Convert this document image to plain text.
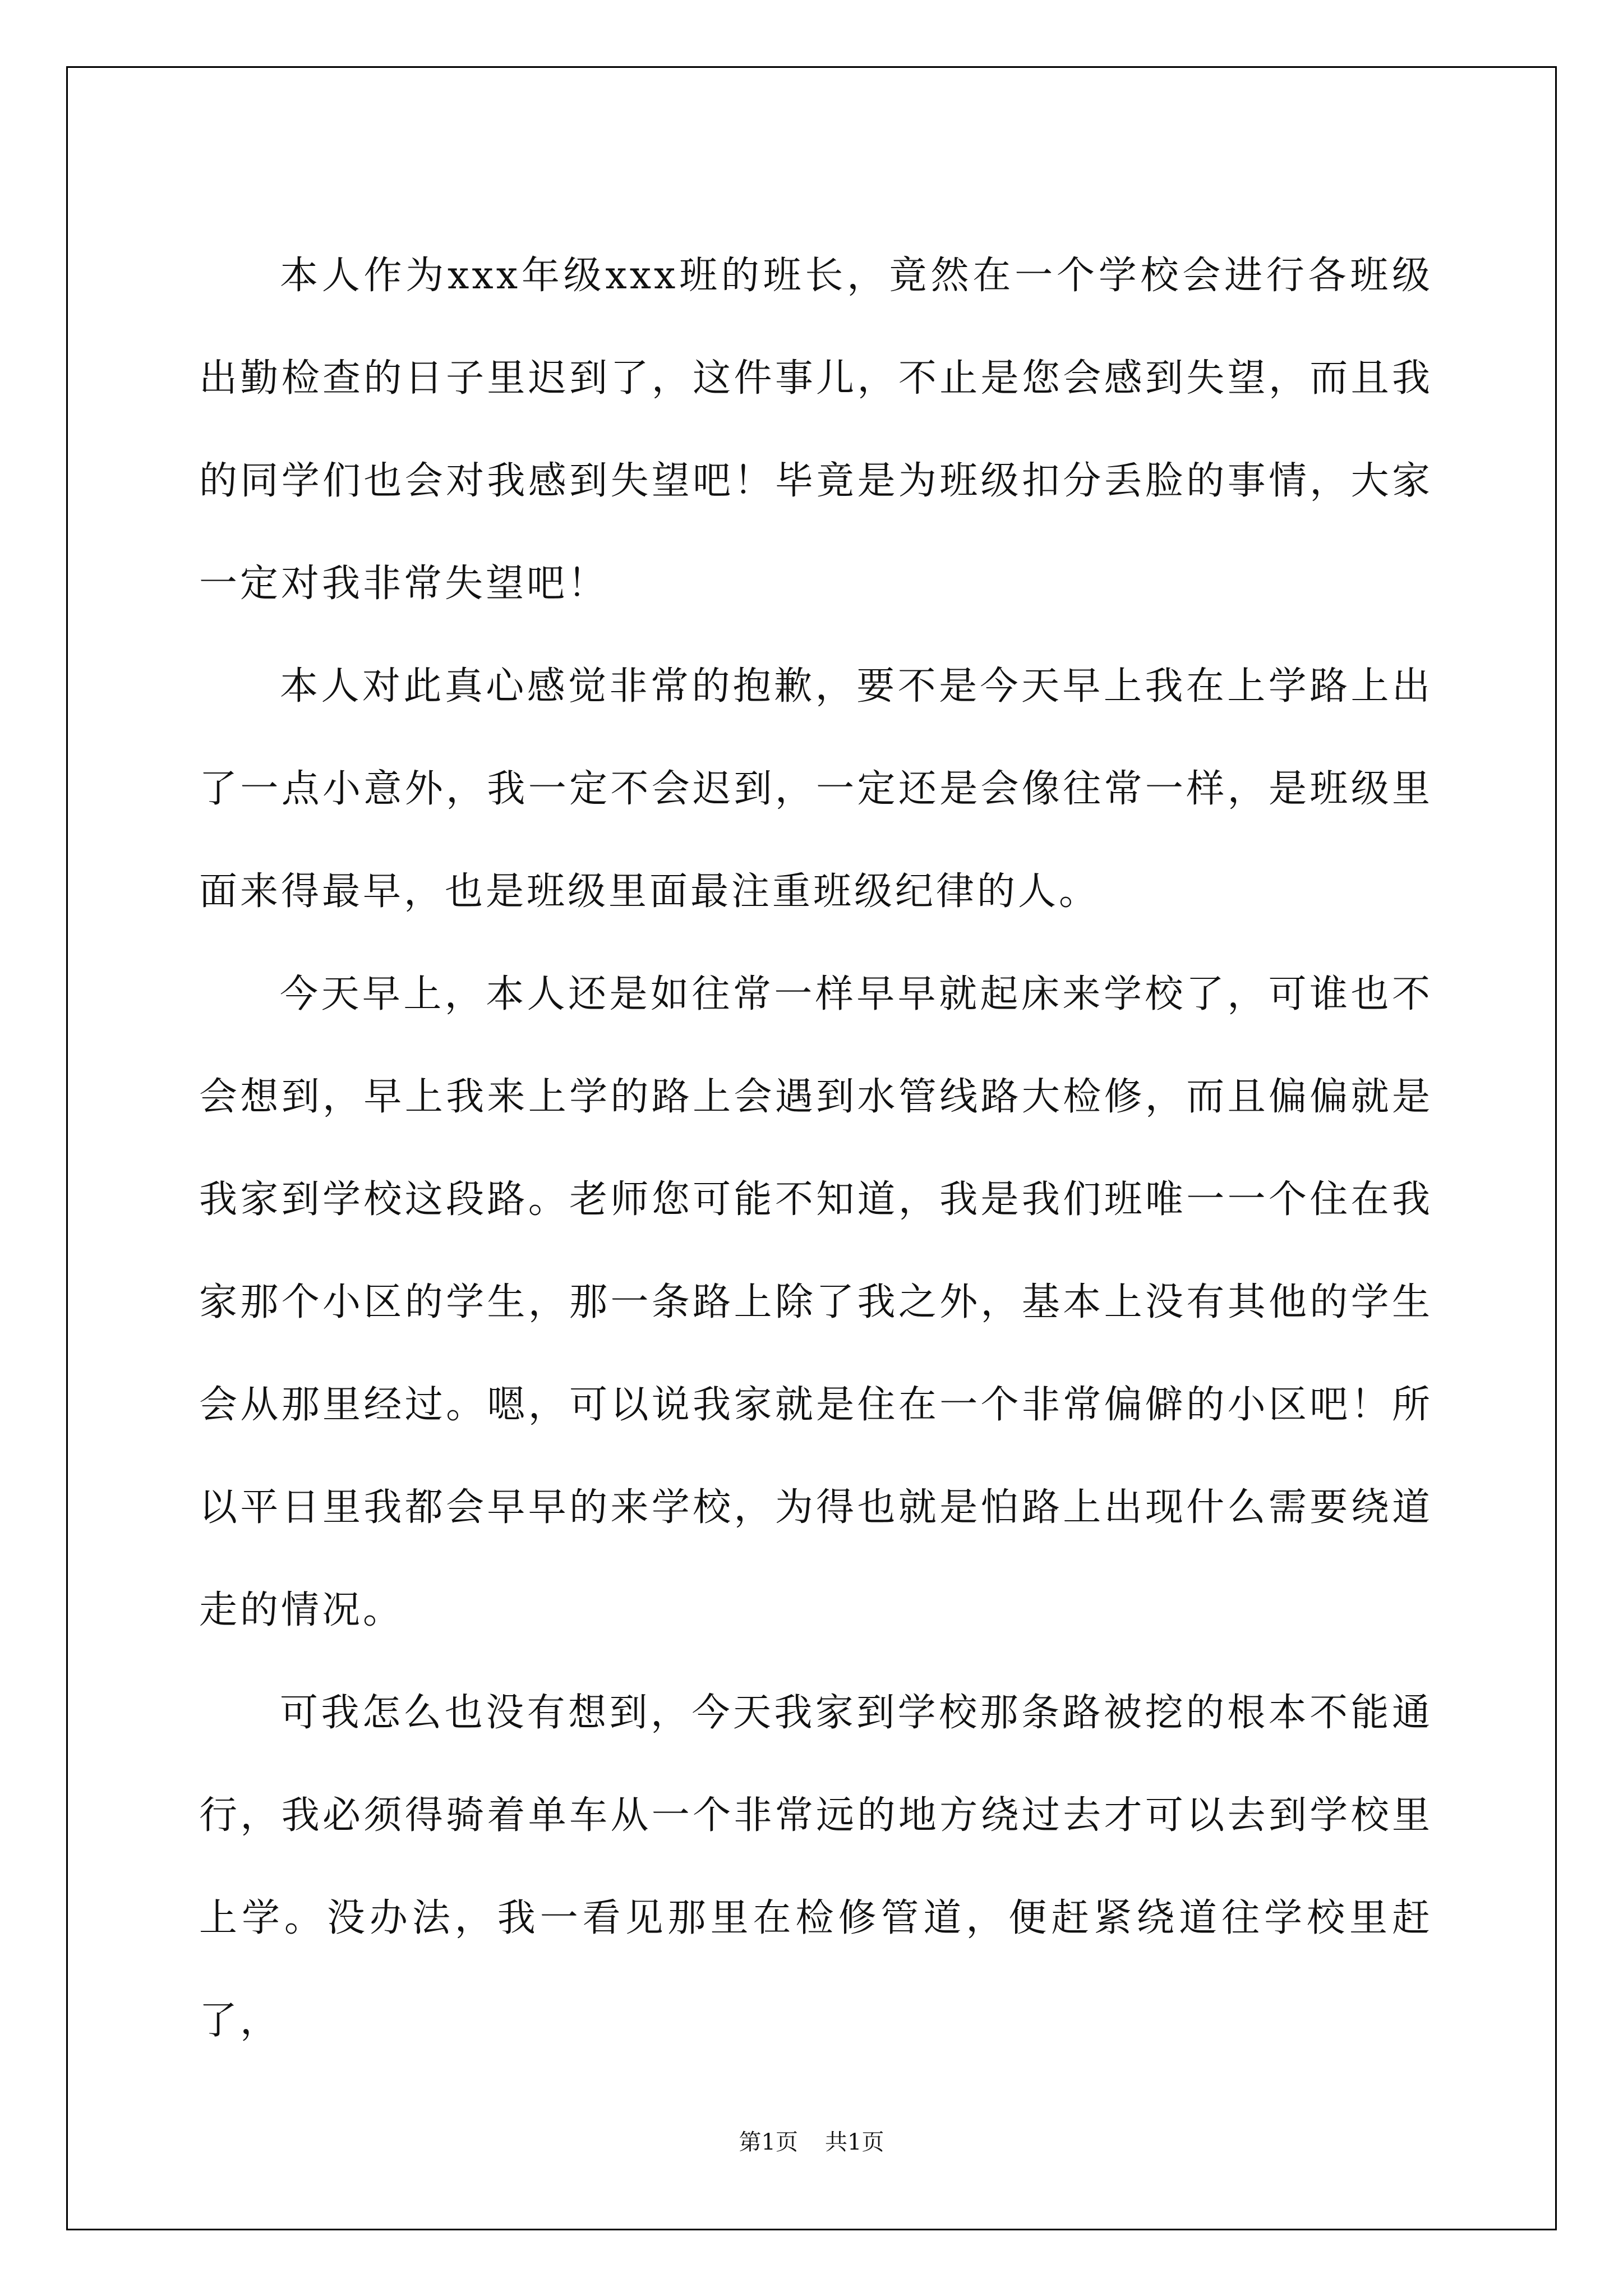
本人作为xxx年级xxx班的班长，竟然在一个学校会进行各班级出勤检查的日子里迟到了，这件事儿，不止是您会感到失望，而且我的同学们也会对我感到失望吧！毕竟是为班级扣分丢脸的事情，大家一定对我非常失望吧！

本人对此真心感觉非常的抱歉，要不是今天早上我在上学路上出了一点小意外，我一定不会迟到，一定还是会像往常一样，是班级里面来得最早，也是班级里面最注重班级纪律的人。

今天早上，本人还是如往常一样早早就起床来学校了，可谁也不会想到，早上我来上学的路上会遇到水管线路大检修，而且偏偏就是我家到学校这段路。老师您可能不知道，我是我们班唯一一个住在我家那个小区的学生，那一条路上除了我之外，基本上没有其他的学生会从那里经过。嗯，可以说我家就是住在一个非常偏僻的小区吧！所以平日里我都会早早的来学校，为得也就是怕路上出现什么需要绕道走的情况。

可我怎么也没有想到，今天我家到学校那条路被挖的根本不能通行，我必须得骑着单车从一个非常远的地方绕过去才可以去到学校里上学。没办法，我一看见那里在检修管道，便赶紧绕道往学校里赶了，

第1页 共1页
